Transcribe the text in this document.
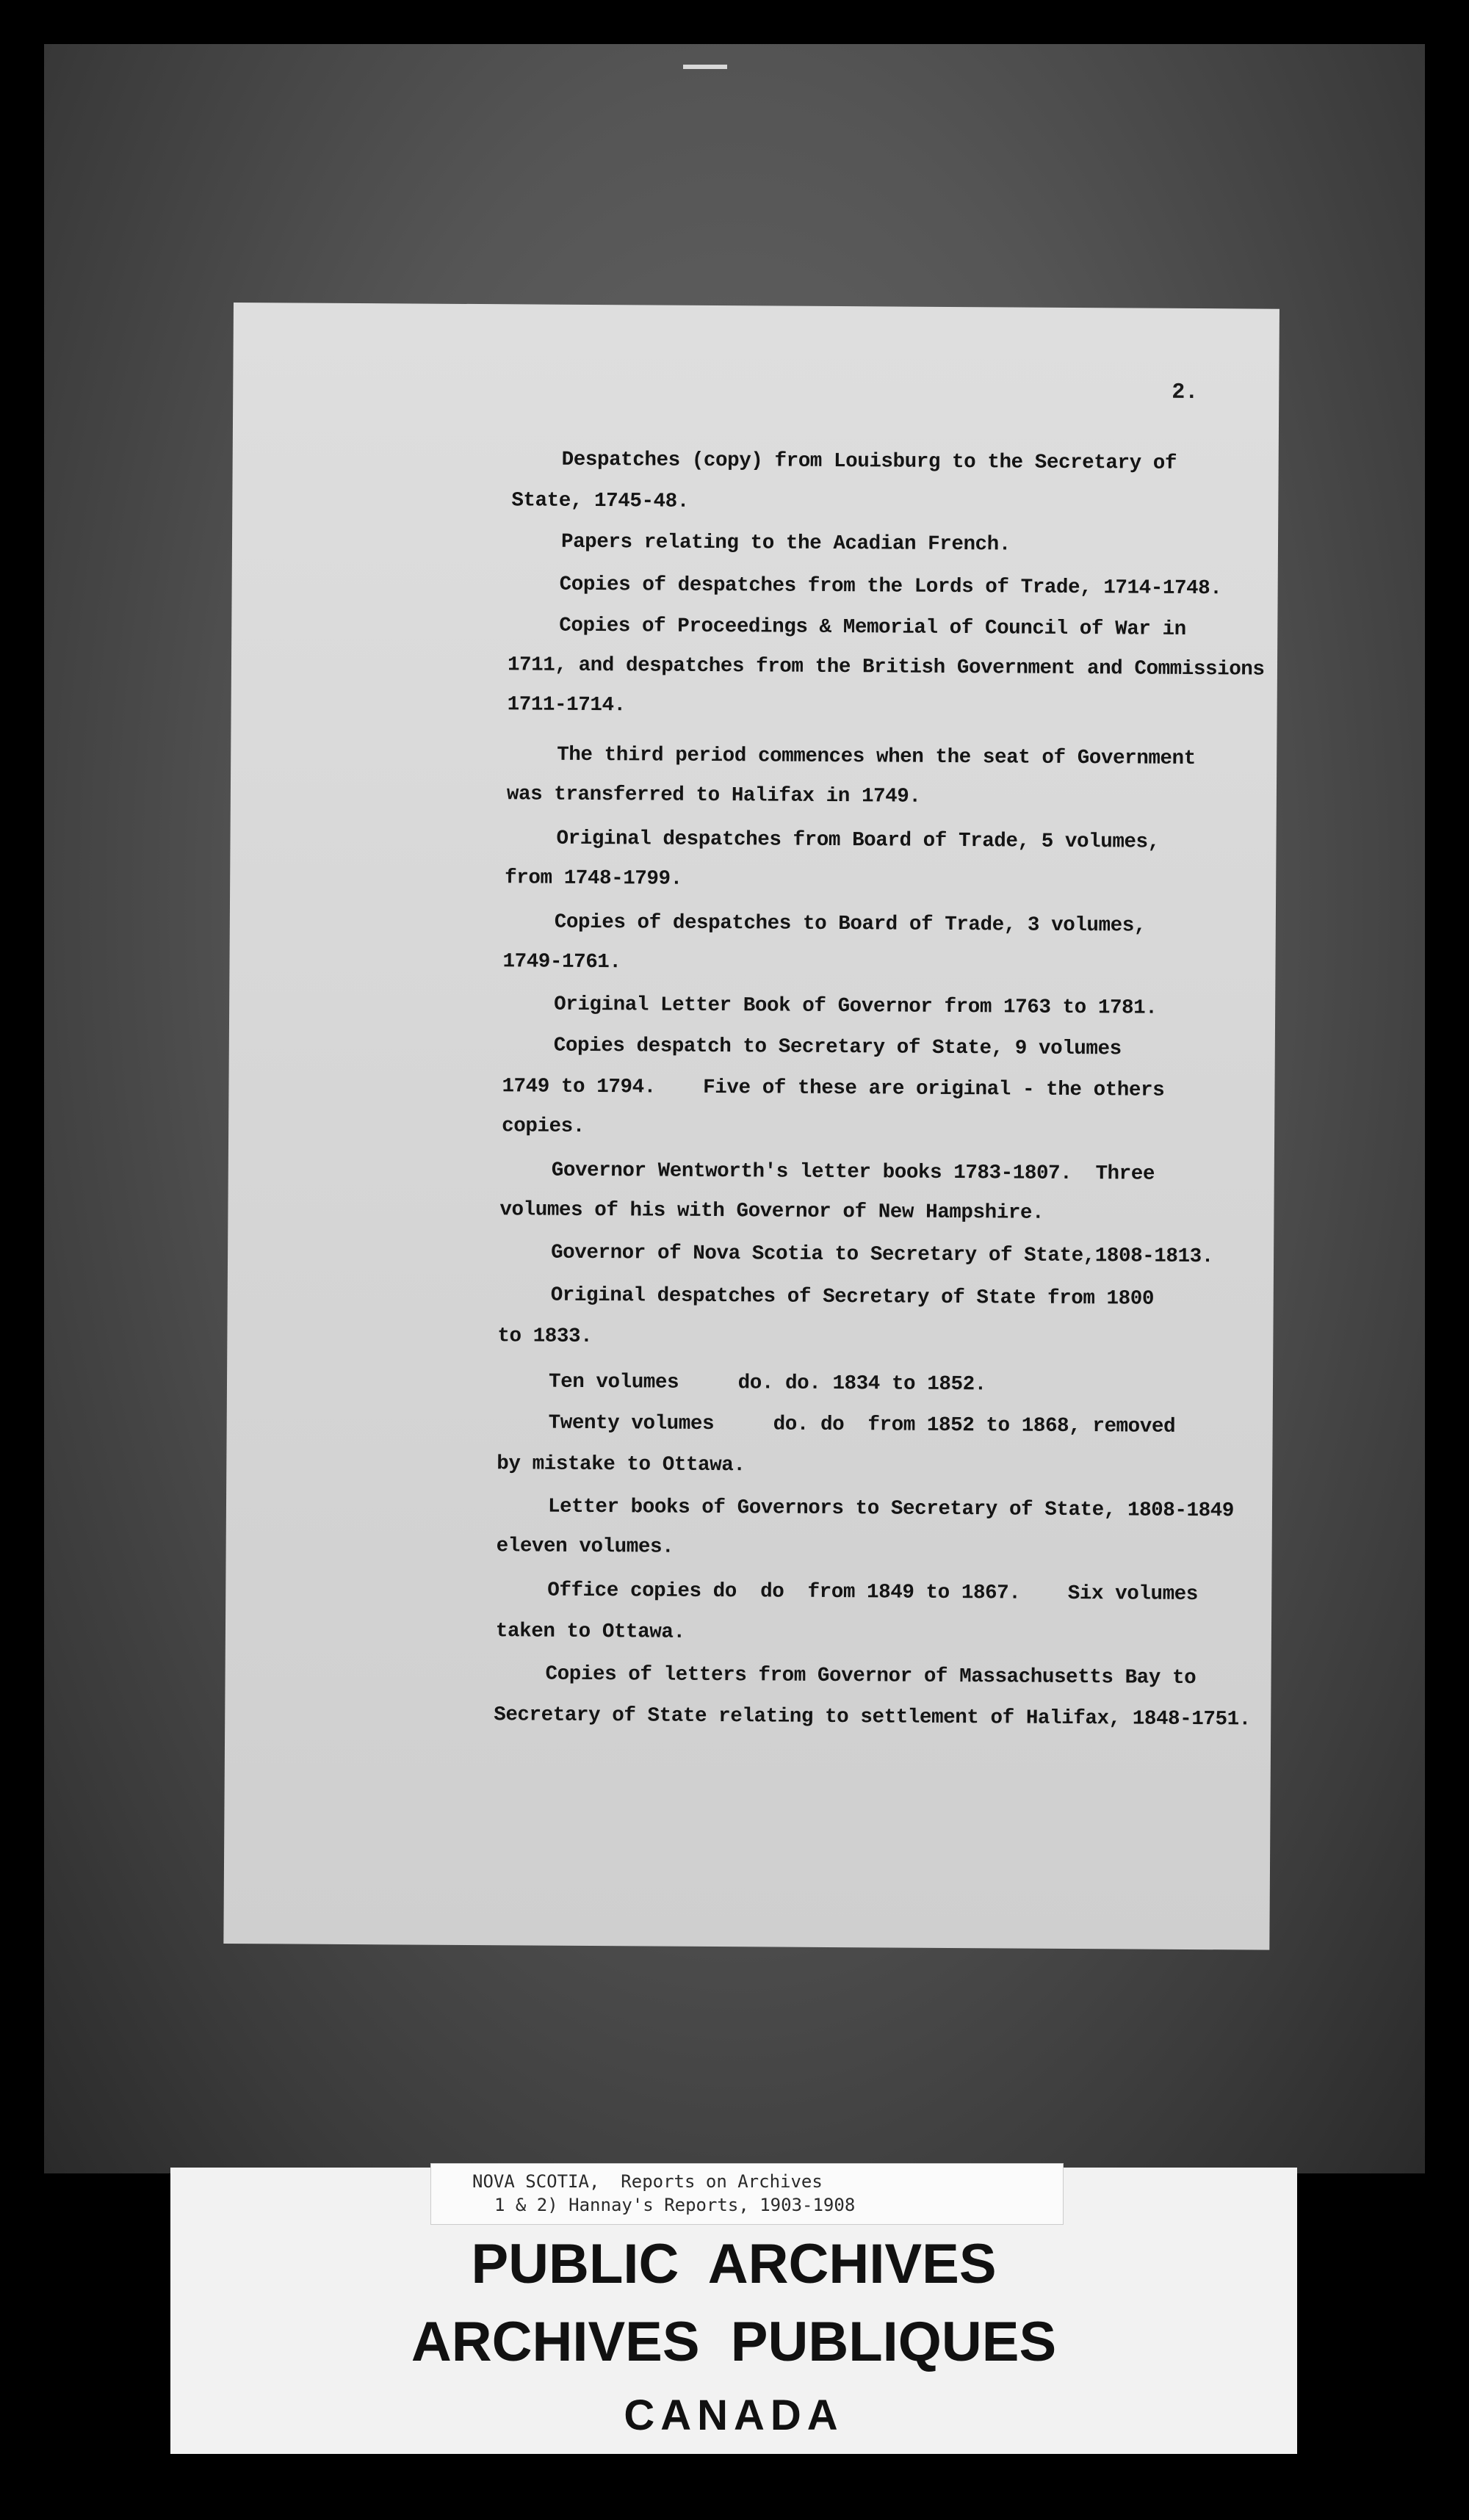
2.
Despatches (copy) from Louisburg to the Secretary of
State, 1745-48.
Papers relating to the Acadian French.
Copies of despatches from the Lords of Trade, 1714-1748.
Copies of Proceedings & Memorial of Council of War in
1711, and despatches from the British Government and Commissions
1711-1714.
The third period commences when the seat of Government
was transferred to Halifax in 1749.
Original despatches from Board of Trade, 5 volumes,
from 1748-1799.
Copies of despatches to Board of Trade, 3 volumes,
1749-1761.
Original Letter Book of Governor from 1763 to 1781.
Copies despatch to Secretary of State, 9 volumes
1749 to 1794.    Five of these are original - the others
copies.
Governor Wentworth's letter books 1783-1807.  Three
volumes of his with Governor of New Hampshire.
Governor of Nova Scotia to Secretary of State,1808-1813.
Original despatches of Secretary of State from 1800
to 1833.
Ten volumes     do. do. 1834 to 1852.
Twenty volumes     do. do  from 1852 to 1868, removed
by mistake to Ottawa.
Letter books of Governors to Secretary of State, 1808-1849
eleven volumes.
Office copies do  do  from 1849 to 1867.    Six volumes
taken to Ottawa.
Copies of letters from Governor of Massachusetts Bay to
Secretary of State relating to settlement of Halifax, 1848-1751.
NOVA SCOTIA,  Reports on Archives
1 & 2) Hannay's Reports, 1903-1908
PUBLIC  ARCHIVES
ARCHIVES  PUBLIQUES
CANADA
